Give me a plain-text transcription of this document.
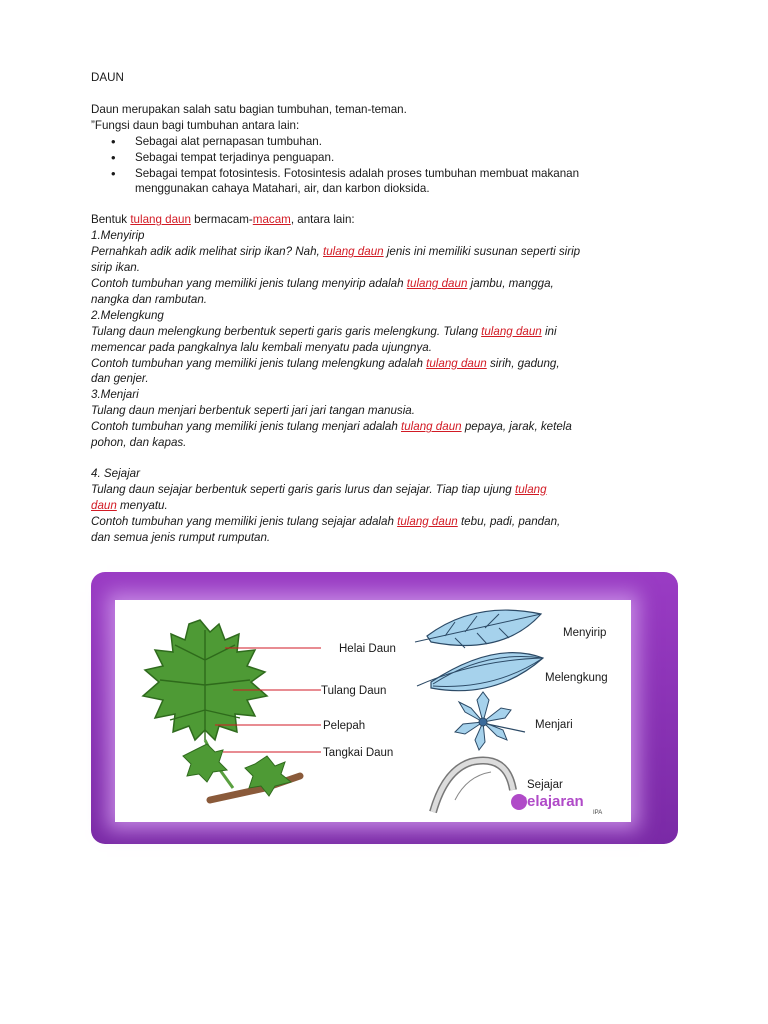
DAUN
Daun merupakan salah satu bagian tumbuhan, teman-teman.
”Fungsi daun bagi tumbuhan antara lain:
• Sebagai alat pernapasan tumbuhan.
• Sebagai tempat terjadinya penguapan.
• Sebagai tempat fotosintesis. Fotosintesis adalah proses tumbuhan membuat makanan
menggunakan cahaya Matahari, air, dan karbon dioksida.
Bentuk tulang daun bermacam-macam, antara lain:
1.Menyirip
Pernahkah adik adik melihat sirip ikan? Nah, tulang daun jenis ini memiliki susunan seperti sirip
sirip ikan.
Contoh tumbuhan yang memiliki jenis tulang menyirip adalah tulang daun jambu, mangga,
nangka dan rambutan.
2.Melengkung
Tulang daun melengkung berbentuk seperti garis garis melengkung. Tulang tulang daun ini
memencar pada pangkalnya lalu kembali menyatu pada ujungnya.
Contoh tumbuhan yang memiliki jenis tulang melengkung adalah tulang daun sirih, gadung,
dan genjer.
3.Menjari
Tulang daun menjari berbentuk seperti jari jari tangan manusia.
Contoh tumbuhan yang memiliki jenis tulang menjari adalah tulang daun pepaya, jarak, ketela
pohon, dan kapas.
4. Sejajar
Tulang daun sejajar berbentuk seperti garis garis lurus dan sejajar. Tiap tiap ujung tulang
daun menyatu.
Contoh tumbuhan yang memiliki jenis tulang sejajar adalah tulang daun tebu, padi, pandan,
dan semua jenis rumput rumputan.
Helai Daun
Tulang Daun
Pelepah
Tangkai Daun
Menyirip
Melengkung
Menjari
Sejajar
Pelajaran
IPA
